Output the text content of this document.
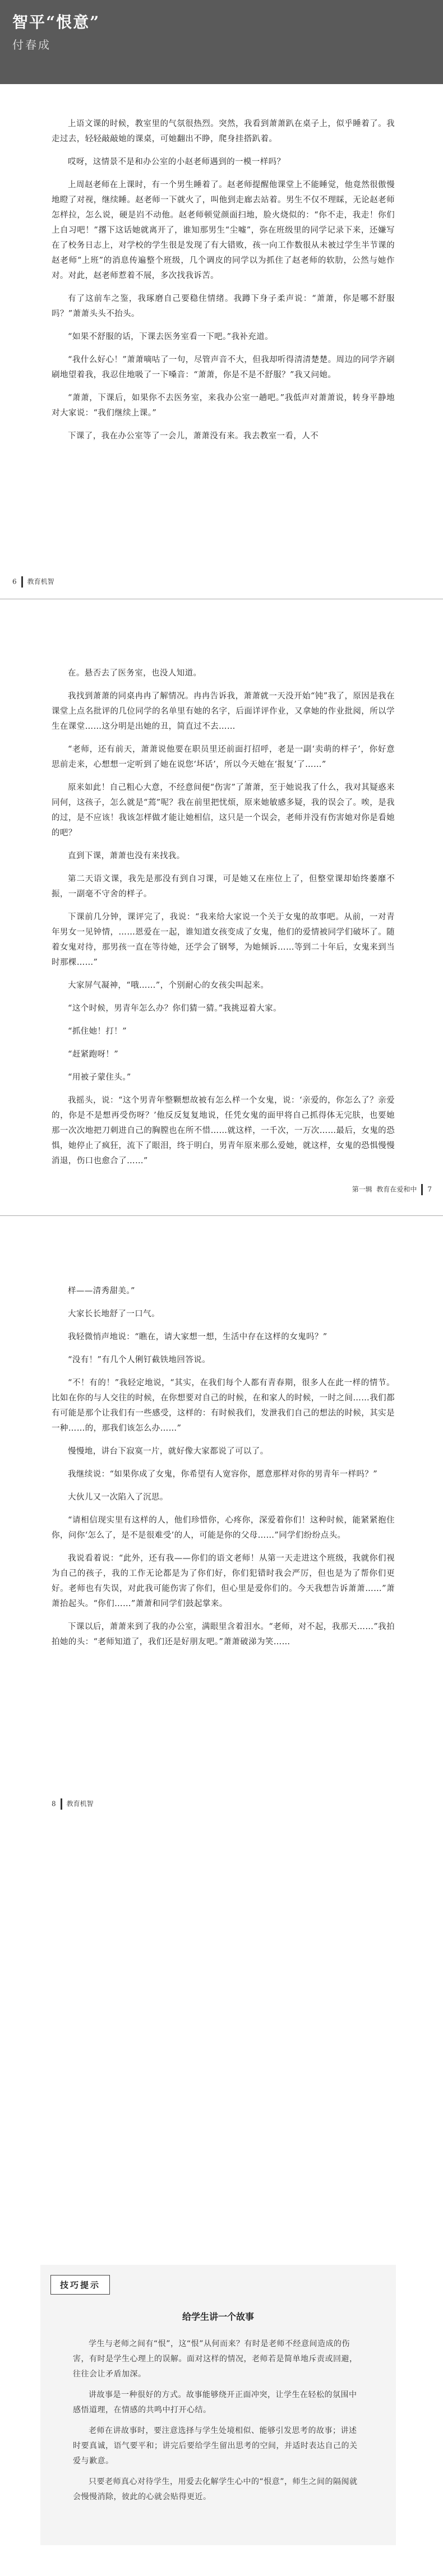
智平“恨意”
付春成

上语文课的时候，教室里的气氛很热烈。突然，我看到萧萧趴在桌子上，似乎睡着了。我走过去，轻轻敲敲她的课桌，可她翻出不睁，爬身挂搭趴着。

哎呀，这情景不是和办公室的小赵老师遇到的一模一样吗？

上周赵老师在上课时，有一个男生睡着了。赵老师提醒他课堂上不能睡觉，他竟然很傲慢地瞪了对视，继续睡。赵老师一下就火了，叫他到走廊去站着。男生不仅不理睬，无论赵老师怎样拉，怎么说，硬是岿不动他。赵老师顿觉颜面扫地，脸火烧似的：“你不走，我走！你们上自习吧！”撂下这话她就离开了，谁知那男生“尘嘘”，弥在班级里的同学记录下来，还嫌写在了校务日志上，对学校的学生很是发现了有大错败，孩一向工作数很从未被过学生半节课的赵老师“上班”的消息传遍整个班级，几个调皮的同学以为抓住了赵老师的软肋，公然与她作对。对此，赵老师惹着不展，多次找我诉苦。

有了这前车之鉴，我琢磨自己要稳住情绪。我蹲下身子柔声说：“萧萧，你是哪不舒服吗？”萧萧头头不抬头。

“如果不舒服的话，下课去医务室看一下吧。”我补充道。

“我什么好心！”萧萧嘀咕了一句，尽管声音不大，但我却听得清清楚楚。周边的同学齐刷刷地望着我，我忍住地吸了一下嗓音：“萧萧，你是不是不舒服？”我又问她。

“萧萧，下课后，如果你不去医务室，来我办公室一趟吧。”我低声对萧萧说，转身平静地对大家说：“我们继续上课。”

下课了，我在办公室等了一会儿，萧萧没有来。我去教室一看，人不

6 教育机智

在。悬否去了医务室，也没人知道。

我找到萧萧的同桌冉冉了解情况。冉冉告诉我，萧萧就一天没开始“钝”我了，原因是我在课堂上点名批评的几位同学的名单里有她的名字，后面详评作业，又拿她的作业批阅，所以学生在课堂……这分明是出她的丑，简直过不去……

“老师，还有前天，萧萧说他要在职员里还前面打招呼，老是一副‘卖萌的样子’，你好意思前走来，心想想一定听到了她在说您‘坏话’，所以今天她在‘报复’了……”

原来如此！自己粗心大意，不经意间便“伤害”了萧萧，至于她说我了什么，我对其疑惑来同何，这孩子，怎么就是“蔫”呢？我在前里把忧烦，原来她敏感多疑，我的误会了。唉，是我的过，是不应该！我该怎样做才能让她相信，这只是一个误会，老师并没有伤害她对你是看她的吧？

直到下课，萧萧也没有来找我。

第二天语文课，我先是那没有到自习课，可是她又在座位上了，但整堂课却始终萎靡不振，一副毫不守舍的样子。

下课前几分钟，课评完了，我说：“我来给大家说一个关于女鬼的故事吧。从前，一对青年男女一见钟情，……恩爱在一起，谁知道女孩变成了女鬼，他们的爱情被同学们破坏了。随着女鬼对待，那男孩一直在等待她，还学会了钢琴，为她倾诉……等到二十年后，女鬼来到当时那棵……”

大家屏气凝神，“哦……”，个别耐心的女孩尖叫起来。

“这个时候，男青年怎么办？你们猜一猜。”我挑逗着大家。

“抓住她！打！”

“赶紧跑呀！”

“用被子蒙住头。”

我摇头，说：“这个男青年整颗想故被有怎么样一个女鬼，说：‘亲爱的，你怎么了？亲爱的，你是不是想再受伤呀？’他反反复复地说，任凭女鬼的面甲将自己抓得体无完肤，也要她那一次次地把刀刺进自己的胸膛也在所不惜……就这样，一千次，一万次……最后，女鬼的恐惧，她停止了疯狂，流下了眼泪，终于明白，男青年原来那么爱她，就这样，女鬼的恐惧慢慢消退，伤口也愈合了……”

第一辑 教育在爱和中 7

样——清秀甜美。”

大家长长地舒了一口气。

我轻微悄声地说：“瞧在，请大家想一想，生活中存在这样的女鬼吗？”

“没有！”有几个人俐钉截铁地回答说。

“不！有的！”我轻定地说，“其实，在我们每个人都有青春期，很多人在此一样的情节。比如在你的与人交往的时候，在你想要对自己的时候，在和家人的时候，一时之间……我们都有可能是那个让我们有一些感受，这样的：有时候我们，发泄我们自己的想法的时候，其实是一种……的，那我们该怎么办……”

慢慢地，讲台下寂寞一片，就好像大家都说了可以了。

我继续说：“如果你成了女鬼，你希望有人宽容你，愿意那样对你的男青年一样吗？”

大伙儿又一次陷入了沉思。

“请相信现实里有这样的人，他们珍惜你，心疼你，深爱着你们！这种时候，能紧紧抱住你，问你‘怎么了，是不是很难受’的人，可能是你的父母……”同学们纷纷点头。

我说看着说：“此外，还有我——你们的语文老师！从第一天走进这个班级，我就你们视为自己的孩子，我的工作无论都是为了你们好，你们犯错时我会严厉，但也是为了帮你们更好。老师也有失误，对此我可能伤害了你们，但心里是爱你们的。今天我想告诉萧萧……”萧萧抬起头。“你们……”萧萧和同学们鼓起掌来。

下课以后，萧萧来到了我的办公室，满眼里含着泪水。“老师，对不起，我那天……”我拍拍她的头：“老师知道了，我们还是好朋友吧。”萧萧破涕为笑……

8 教育机智
技巧提示
给学生讲一个故事

学生与老师之间有“恨”，这“恨”从何而来？有时是老师不经意间造成的伤害，有时是学生心理上的误解。面对这样的情况，老师若是简单地斥责或回避，往往会让矛盾加深。

讲故事是一种很好的方式。故事能够绕开正面冲突，让学生在轻松的氛围中感悟道理，在情感的共鸣中打开心结。

老师在讲故事时，要注意选择与学生处境相似、能够引发思考的故事；讲述时要真诚，语气要平和；讲完后要给学生留出思考的空间，并适时表达自己的关爱与歉意。

只要老师真心对待学生，用爱去化解学生心中的“恨意”，师生之间的隔阂就会慢慢消除，彼此的心就会贴得更近。
